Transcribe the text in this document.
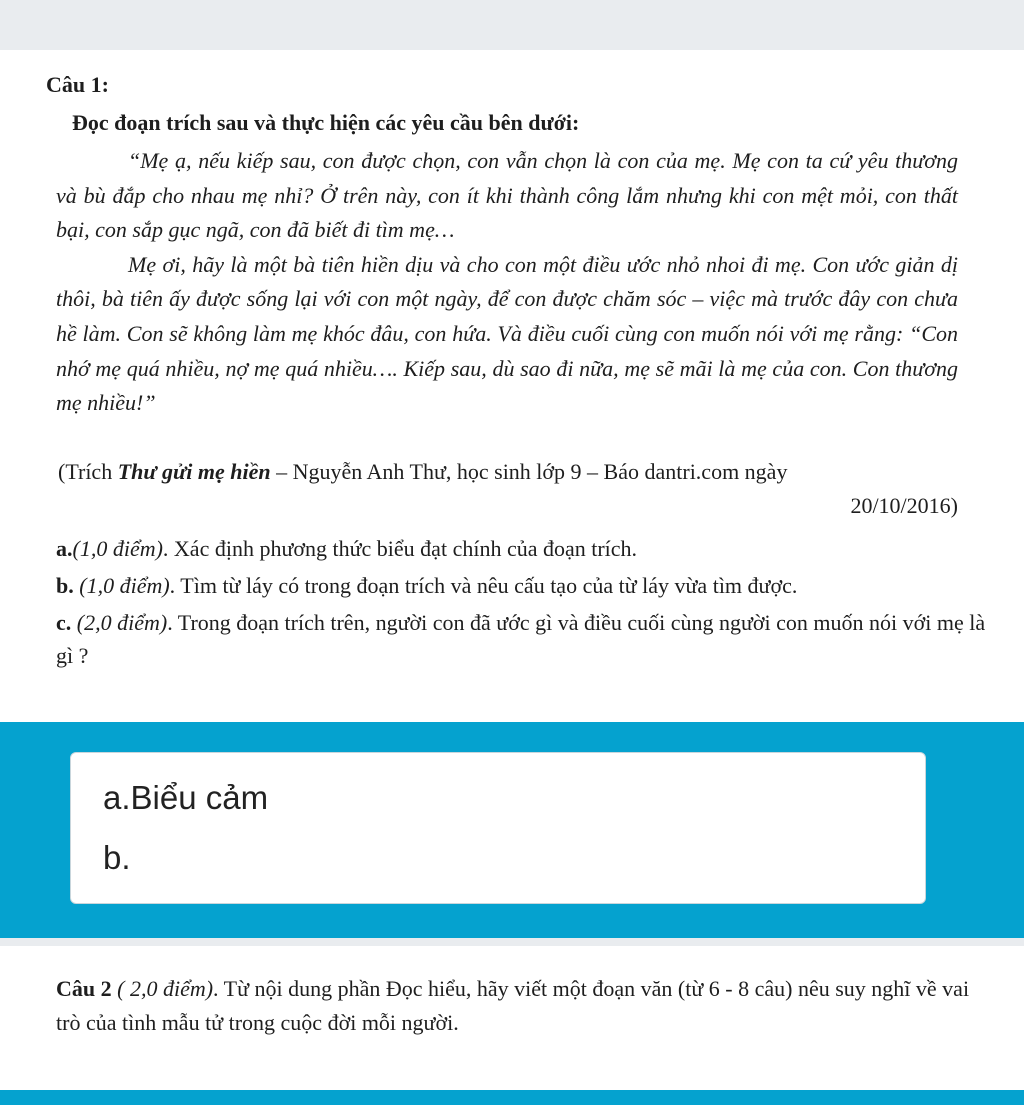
Câu 1:

Đọc đoạn trích sau và thực hiện các yêu cầu bên dưới:

“Mẹ ạ, nếu kiếp sau, con được chọn, con vẫn chọn là con của mẹ. Mẹ con ta cứ yêu thương và bù đắp cho nhau mẹ nhỉ? Ở trên này, con ít khi thành công lắm nhưng khi con mệt mỏi, con thất bại, con sắp gục ngã, con đã biết đi tìm mẹ…

Mẹ ơi, hãy là một bà tiên hiền dịu và cho con một điều ước nhỏ nhoi đi mẹ. Con ước giản dị thôi, bà tiên ấy được sống lại với con một ngày, để con được chăm sóc – việc mà trước đây con chưa hề làm. Con sẽ không làm mẹ khóc đâu, con hứa. Và điều cuối cùng con muốn nói với mẹ rằng: “Con nhớ mẹ quá nhiều, nợ mẹ quá nhiều…. Kiếp sau, dù sao đi nữa, mẹ sẽ mãi là mẹ của con. Con thương mẹ nhiều!”

(Trích Thư gửi mẹ hiền – Nguyễn Anh Thư, học sinh lớp 9 – Báo dantri.com ngày
20/10/2016)
a.(1,0 điểm). Xác định phương thức biểu đạt chính của đoạn trích.
b. (1,0 điểm). Tìm từ láy có trong đoạn trích và nêu cấu tạo của từ láy vừa tìm được.
c. (2,0 điểm). Trong đoạn trích trên, người con đã ước gì và điều cuối cùng người con muốn nói với mẹ là gì ?
a.Biểu cảm
b.

Câu 2 ( 2,0 điểm). Từ nội dung phần Đọc hiểu, hãy viết một đoạn văn (từ 6 - 8 câu) nêu suy nghĩ về vai trò của tình mẫu tử trong cuộc đời mỗi người.
